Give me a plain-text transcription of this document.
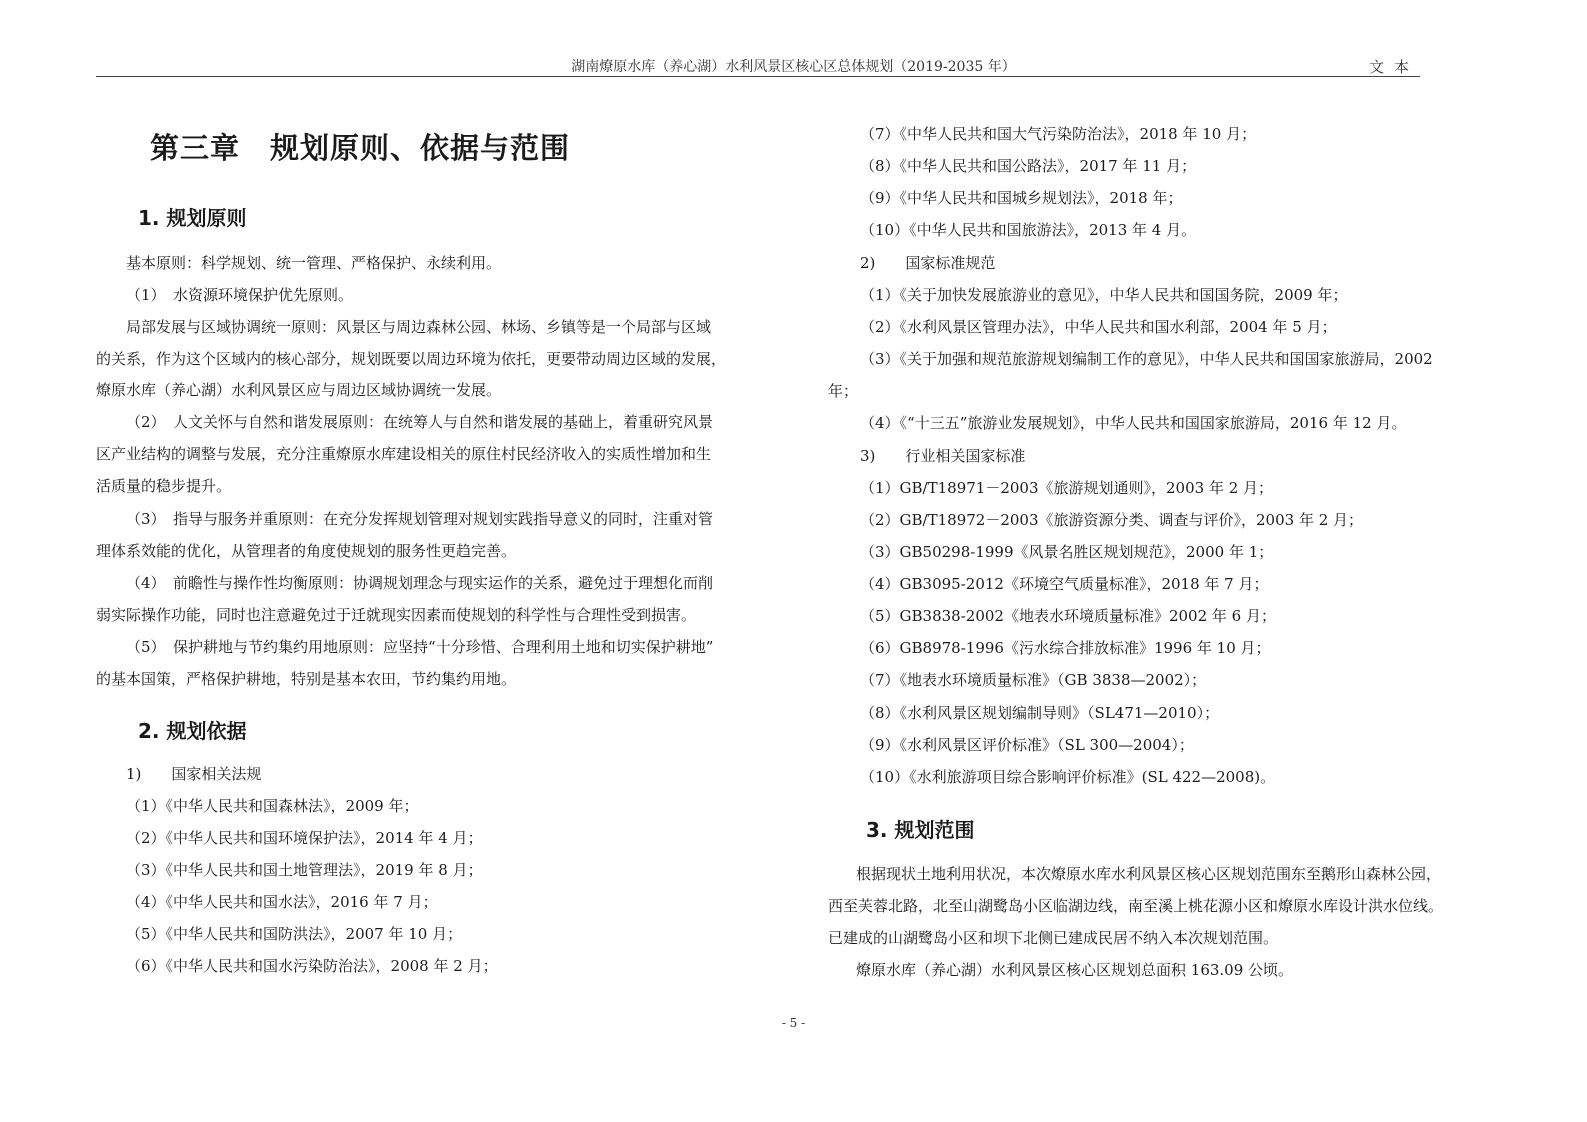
湖南燎原水库（养心湖）水利风景区核心区总体规划（2019-2035 年）	文本
第三章　规划原则、依据与范围
1. 规划原则
基本原则：科学规划、统一管理、严格保护、永续利用。
（1）　水资源环境保护优先原则。
局部发展与区域协调统一原则：风景区与周边森林公园、林场、乡镇等是一个局部与区域
的关系，作为这个区域内的核心部分，规划既要以周边环境为依托，更要带动周边区域的发展，
燎原水库（养心湖）水利风景区应与周边区域协调统一发展。
（2）　人文关怀与自然和谐发展原则：在统筹人与自然和谐发展的基础上，着重研究风景
区产业结构的调整与发展，充分注重燎原水库建设相关的原住村民经济收入的实质性增加和生
活质量的稳步提升。
（3）　指导与服务并重原则：在充分发挥规划管理对规划实践指导意义的同时，注重对管
理体系效能的优化，从管理者的角度使规划的服务性更趋完善。
（4）　前瞻性与操作性均衡原则：协调规划理念与现实运作的关系，避免过于理想化而削
弱实际操作功能，同时也注意避免过于迁就现实因素而使规划的科学性与合理性受到损害。
（5）　保护耕地与节约集约用地原则：应坚持“十分珍惜、合理利用土地和切实保护耕地”
的基本国策，严格保护耕地，特别是基本农田，节约集约用地。
2. 规划依据
1)　　国家相关法规
（1）《中华人民共和国森林法》，2009 年；
（2）《中华人民共和国环境保护法》，2014 年 4 月；
（3）《中华人民共和国土地管理法》，2019 年 8 月；
（4）《中华人民共和国水法》，2016 年 7 月；
（5）《中华人民共和国防洪法》，2007 年 10 月；
（6）《中华人民共和国水污染防治法》，2008 年 2 月；
（7）《中华人民共和国大气污染防治法》，2018 年 10 月；
（8）《中华人民共和国公路法》，2017 年 11 月；
（9）《中华人民共和国城乡规划法》，2018 年；
（10）《中华人民共和国旅游法》，2013 年 4 月。
2)　　国家标准规范
（1）《关于加快发展旅游业的意见》，中华人民共和国国务院，2009 年；
（2）《水利风景区管理办法》，中华人民共和国水利部，2004 年 5 月；
（3）《关于加强和规范旅游规划编制工作的意见》，中华人民共和国国家旅游局，2002
年；
（4）《“十三五”旅游业发展规划》，中华人民共和国国家旅游局，2016 年 12 月。
3)　　行业相关国家标准
（1）GB/T18971－2003《旅游规划通则》，2003 年 2 月；
（2）GB/T18972－2003《旅游资源分类、调查与评价》，2003 年 2 月；
（3）GB50298-1999《风景名胜区规划规范》，2000 年 1；
（4）GB3095-2012《环境空气质量标准》，2018 年 7 月；
（5）GB3838-2002《地表水环境质量标准》2002 年 6 月；
（6）GB8978-1996《污水综合排放标准》1996 年 10 月；
（7）《地表水环境质量标准》（GB 3838—2002）；
（8）《水利风景区规划编制导则》（SL471—2010）；
（9）《水利风景区评价标准》（SL 300—2004）；
（10）《水利旅游项目综合影响评价标准》(SL 422—2008)。
3. 规划范围
根据现状土地利用状况，本次燎原水库水利风景区核心区规划范围东至鹅形山森林公园，
西至芙蓉北路，北至山湖鹭岛小区临湖边线，南至溪上桃花源小区和燎原水库设计洪水位线。
已建成的山湖鹭岛小区和坝下北侧已建成民居不纳入本次规划范围。
燎原水库（养心湖）水利风景区核心区规划总面积 163.09 公顷。
- 5 -
